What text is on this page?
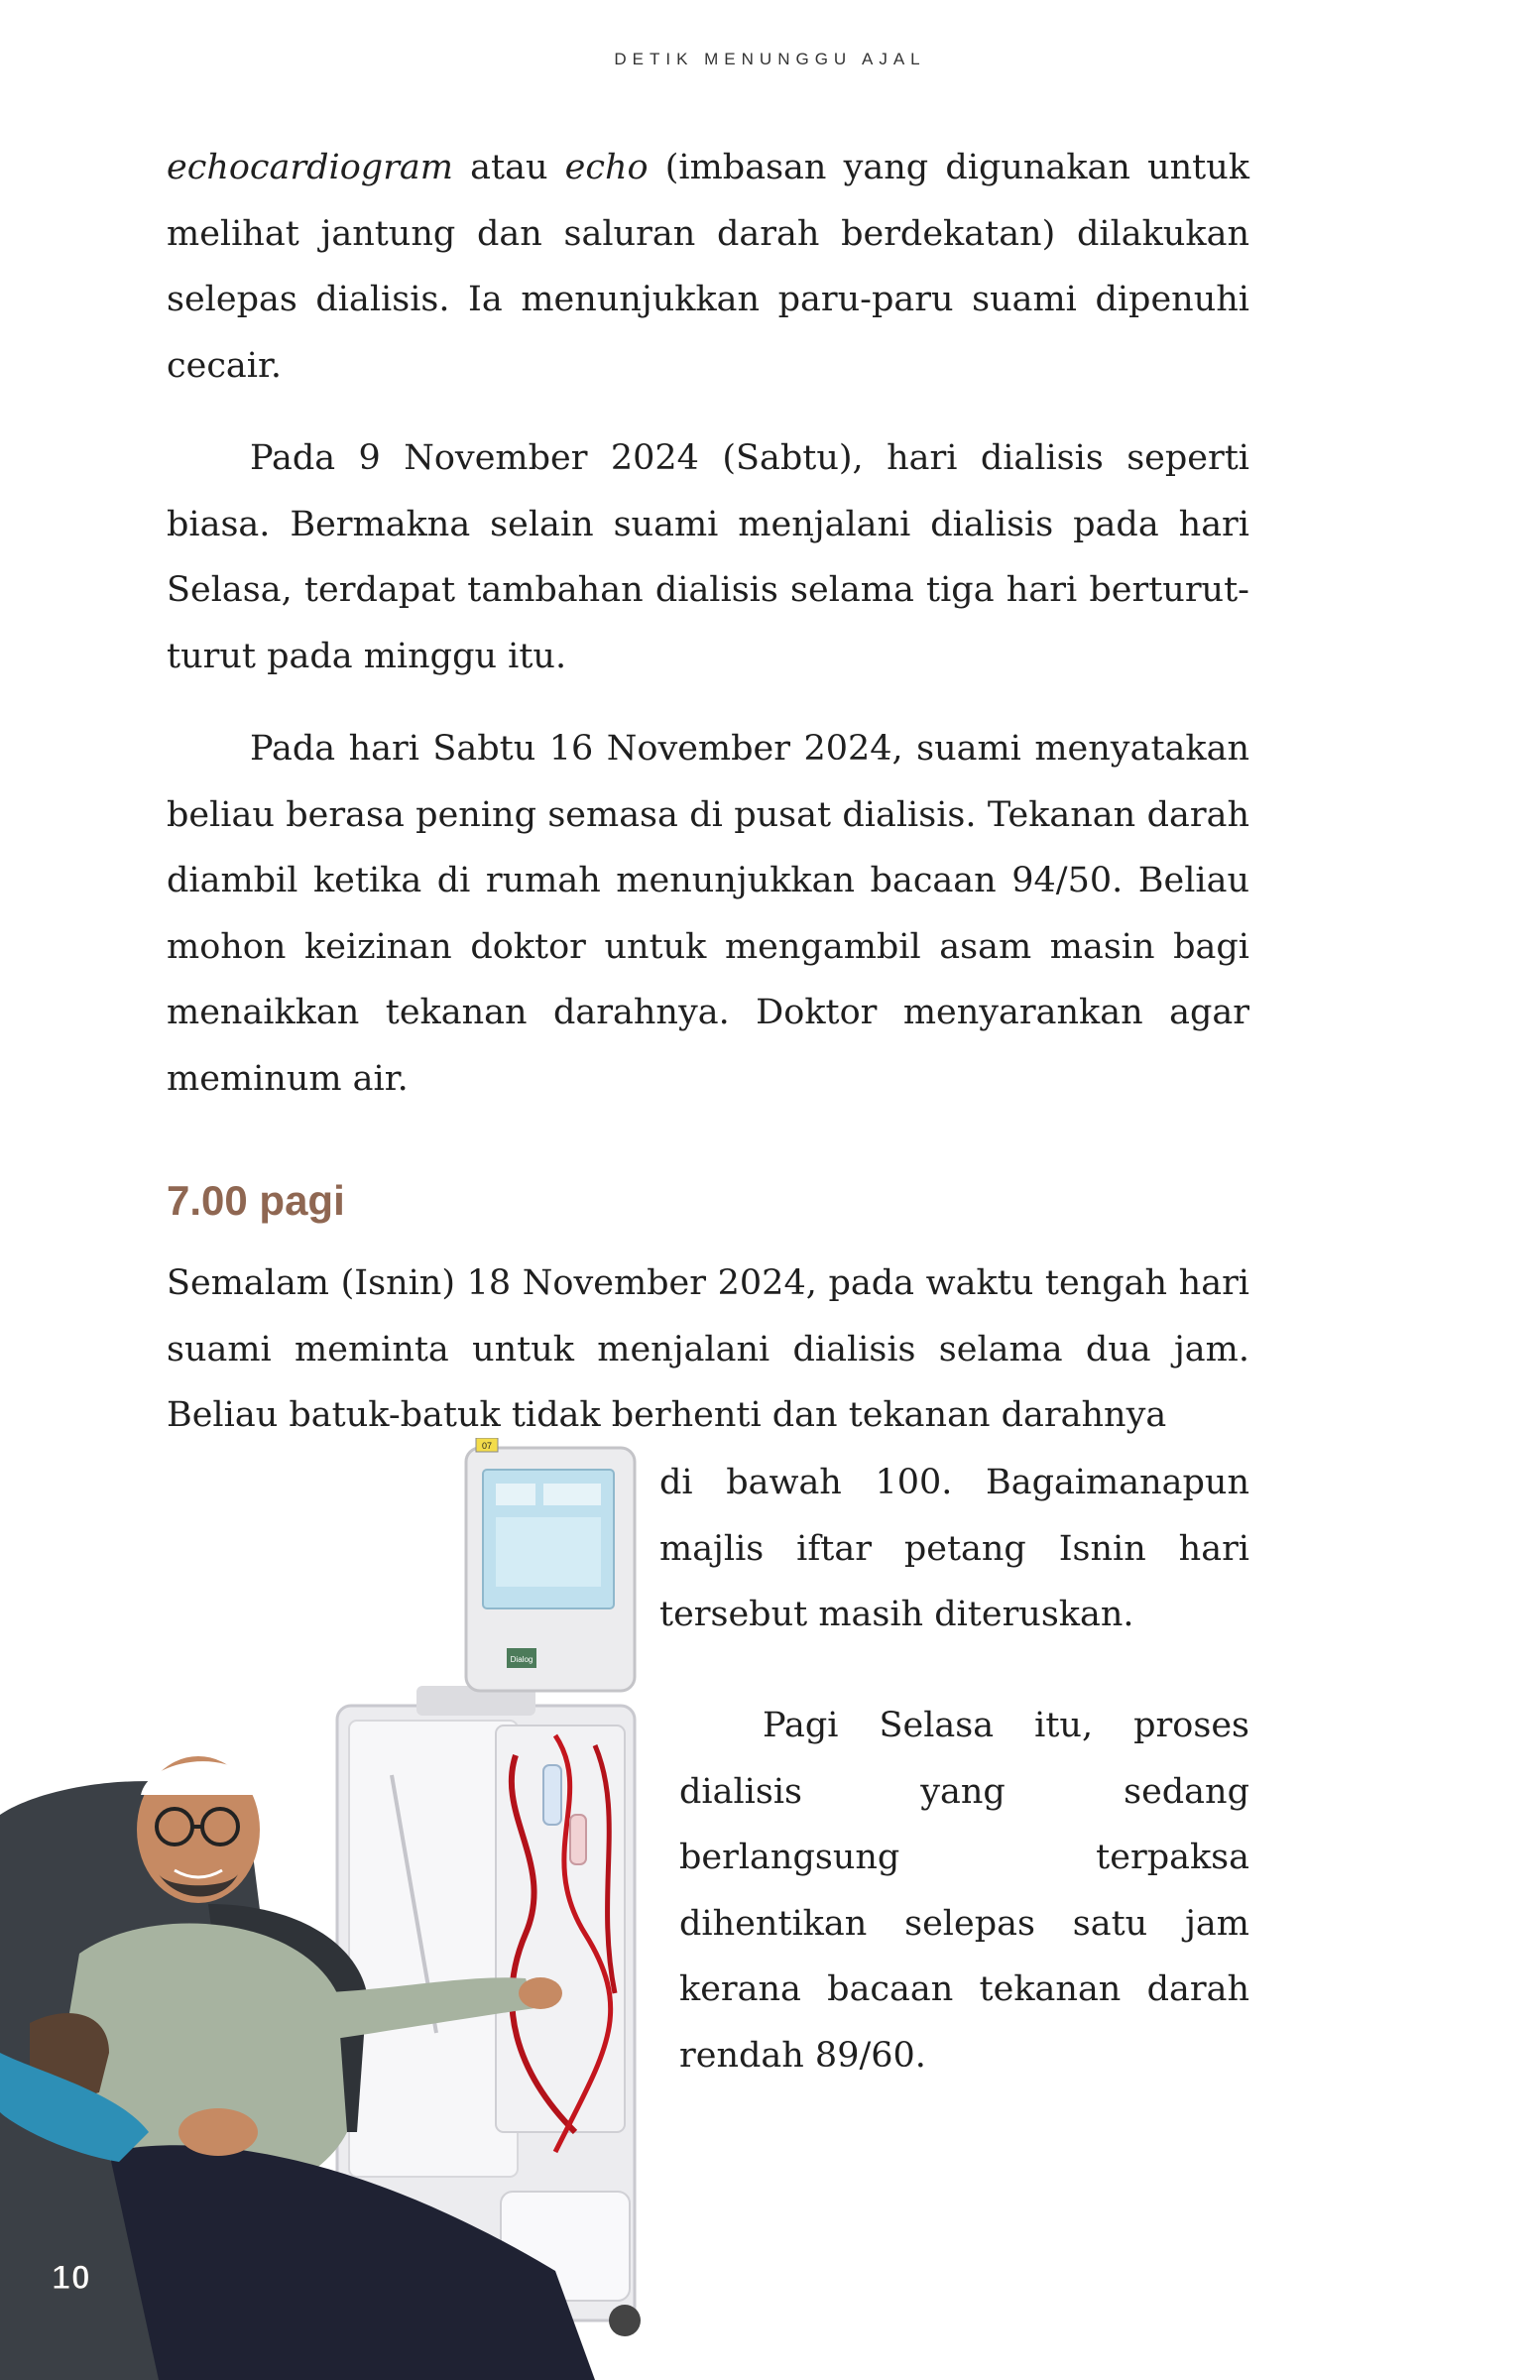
DETIK MENUNGGU AJAL

echocardiogram atau echo (imbasan yang digunakan untuk melihat jantung dan saluran darah berdekatan) dilakukan selepas dialisis. Ia menunjukkan paru-paru suami dipenuhi cecair.

Pada 9 November 2024 (Sabtu), hari dialisis seperti biasa. Bermakna selain suami menjalani dialisis pada hari Selasa, terdapat tambahan dialisis selama tiga hari berturut-turut pada minggu itu.

Pada hari Sabtu 16 November 2024, suami menyatakan beliau berasa pening semasa di pusat dialisis. Tekanan darah diambil ketika di rumah menunjukkan bacaan 94/50. Beliau mohon keizinan doktor untuk mengambil asam masin bagi menaikkan tekanan darahnya. Doktor menyarankan agar meminum air.

7.00 pagi

Semalam (Isnin) 18 November 2024, pada waktu tengah hari suami meminta untuk menjalani dialisis selama dua jam. Beliau batuk-batuk tidak berhenti dan tekanan darahnya

di bawah 100. Bagaimanapun majlis iftar petang Isnin hari tersebut masih diteruskan.

Pagi Selasa itu, proses dialisis yang sedang berlangsung terpaksa dihentikan selepas satu jam kerana bacaan tekanan darah rendah 89/60.

07
Dialog
10
